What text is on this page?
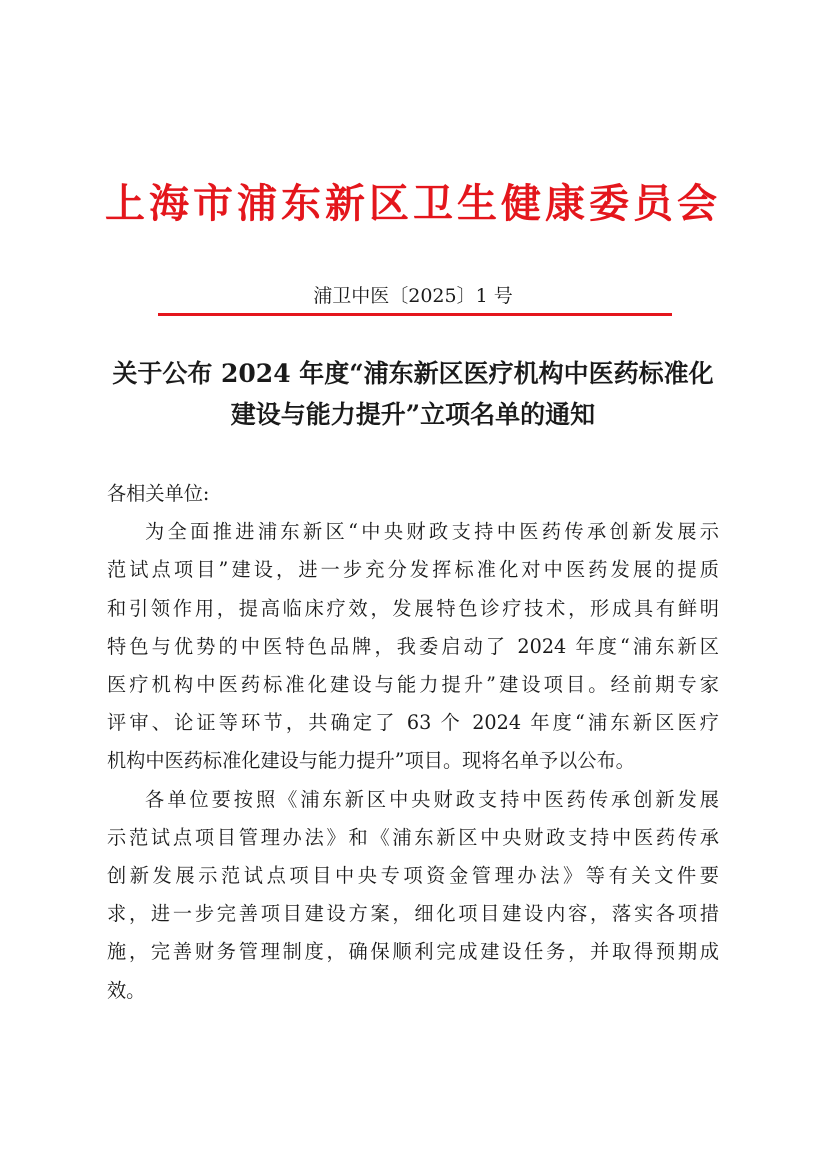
上海市浦东新区卫生健康委员会
浦卫中医〔2025〕1 号
关于公布 2024 年度“浦东新区医疗机构中医药标准化
建设与能力提升”立项名单的通知

各相关单位:

为全面推进浦东新区“中央财政支持中医药传承创新发展示
范试点项目”建设，进一步充分发挥标准化对中医药发展的提质
和引领作用，提高临床疗效，发展特色诊疗技术，形成具有鲜明
特色与优势的中医特色品牌，我委启动了 2024 年度“浦东新区
医疗机构中医药标准化建设与能力提升”建设项目。经前期专家
评审、论证等环节，共确定了 63 个 2024 年度“浦东新区医疗
机构中医药标准化建设与能力提升”项目。现将名单予以公布。

各单位要按照《浦东新区中央财政支持中医药传承创新发展
示范试点项目管理办法》和《浦东新区中央财政支持中医药传承
创新发展示范试点项目中央专项资金管理办法》等有关文件要
求，进一步完善项目建设方案，细化项目建设内容，落实各项措
施，完善财务管理制度，确保顺利完成建设任务，并取得预期成
效。
